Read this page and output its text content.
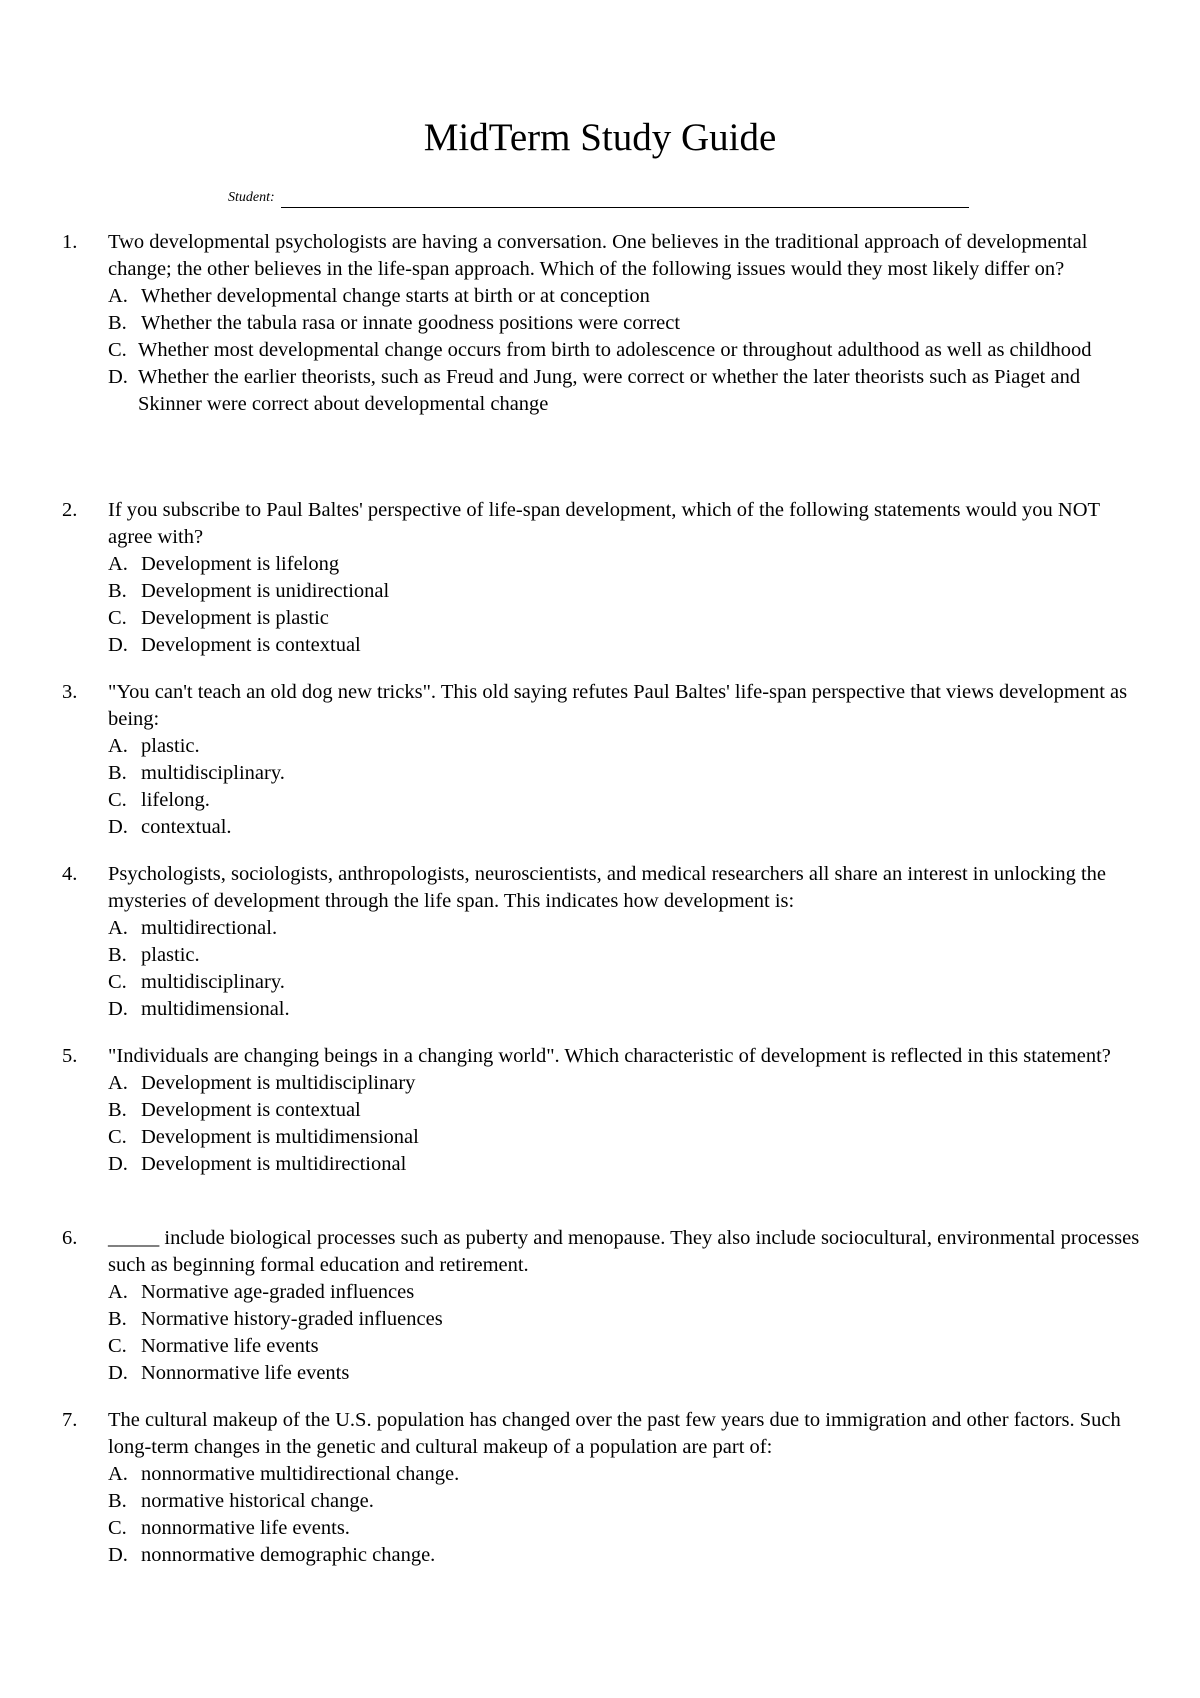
MidTerm Study Guide
Student:
1.	Two developmental psychologists are having a conversation. One believes in the traditional approach of developmental change; the other believes in the life-span approach. Which of the following issues would they most likely differ on?

A. Whether developmental change starts at birth or at conception

B. Whether the tabula rasa or innate goodness positions were correct

C. Whether most developmental change occurs from birth to adolescence or throughout adulthood as well as childhood

D. Whether the earlier theorists, such as Freud and Jung, were correct or whether the later theorists such as Piaget and Skinner were correct about developmental change

2.	If you subscribe to Paul Baltes' perspective of life-span development, which of the following statements would you NOT agree with?

A. Development is lifelong

B. Development is unidirectional

C. Development is plastic

D. Development is contextual

3.	"You can't teach an old dog new tricks". This old saying refutes Paul Baltes' life-span perspective that views development as being:

A. plastic.

B. multidisciplinary.

C. lifelong.

D. contextual.

4.	Psychologists, sociologists, anthropologists, neuroscientists, and medical researchers all share an interest in unlocking the mysteries of development through the life span. This indicates how development is:

A. multidirectional.

B. plastic.

C. multidisciplinary.

D. multidimensional.

5.	"Individuals are changing beings in a changing world". Which characteristic of development is reflected in this statement?

A. Development is multidisciplinary

B. Development is contextual

C. Development is multidimensional

D. Development is multidirectional

6.	_____ include biological processes such as puberty and menopause. They also include sociocultural, environmental processes such as beginning formal education and retirement.

A. Normative age-graded influences

B. Normative history-graded influences

C. Normative life events

D. Nonnormative life events

7.	The cultural makeup of the U.S. population has changed over the past few years due to immigration and other factors. Such long-term changes in the genetic and cultural makeup of a population are part of:

A. nonnormative multidirectional change.

B. normative historical change.

C. nonnormative life events.

D. nonnormative demographic change.
